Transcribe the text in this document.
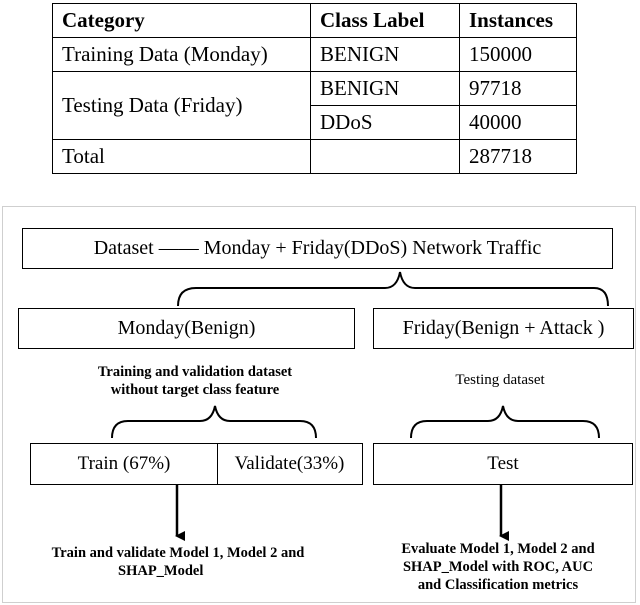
Category	Class Label	Instances
Training Data (Monday)	BENIGN	150000
Testing Data (Friday)	BENIGN	97718
	DDoS	40000
Total		287718
Dataset —— Monday + Friday(DDoS) Network Traffic
Monday(Benign)	Friday(Benign + Attack )
Training and validation dataset
without target class feature
Testing dataset
Train (67%)	Validate(33%)	Test
Train and validate Model 1, Model 2 and
SHAP_Model
Evaluate Model 1, Model 2 and
SHAP_Model with ROC, AUC
and Classification metrics
